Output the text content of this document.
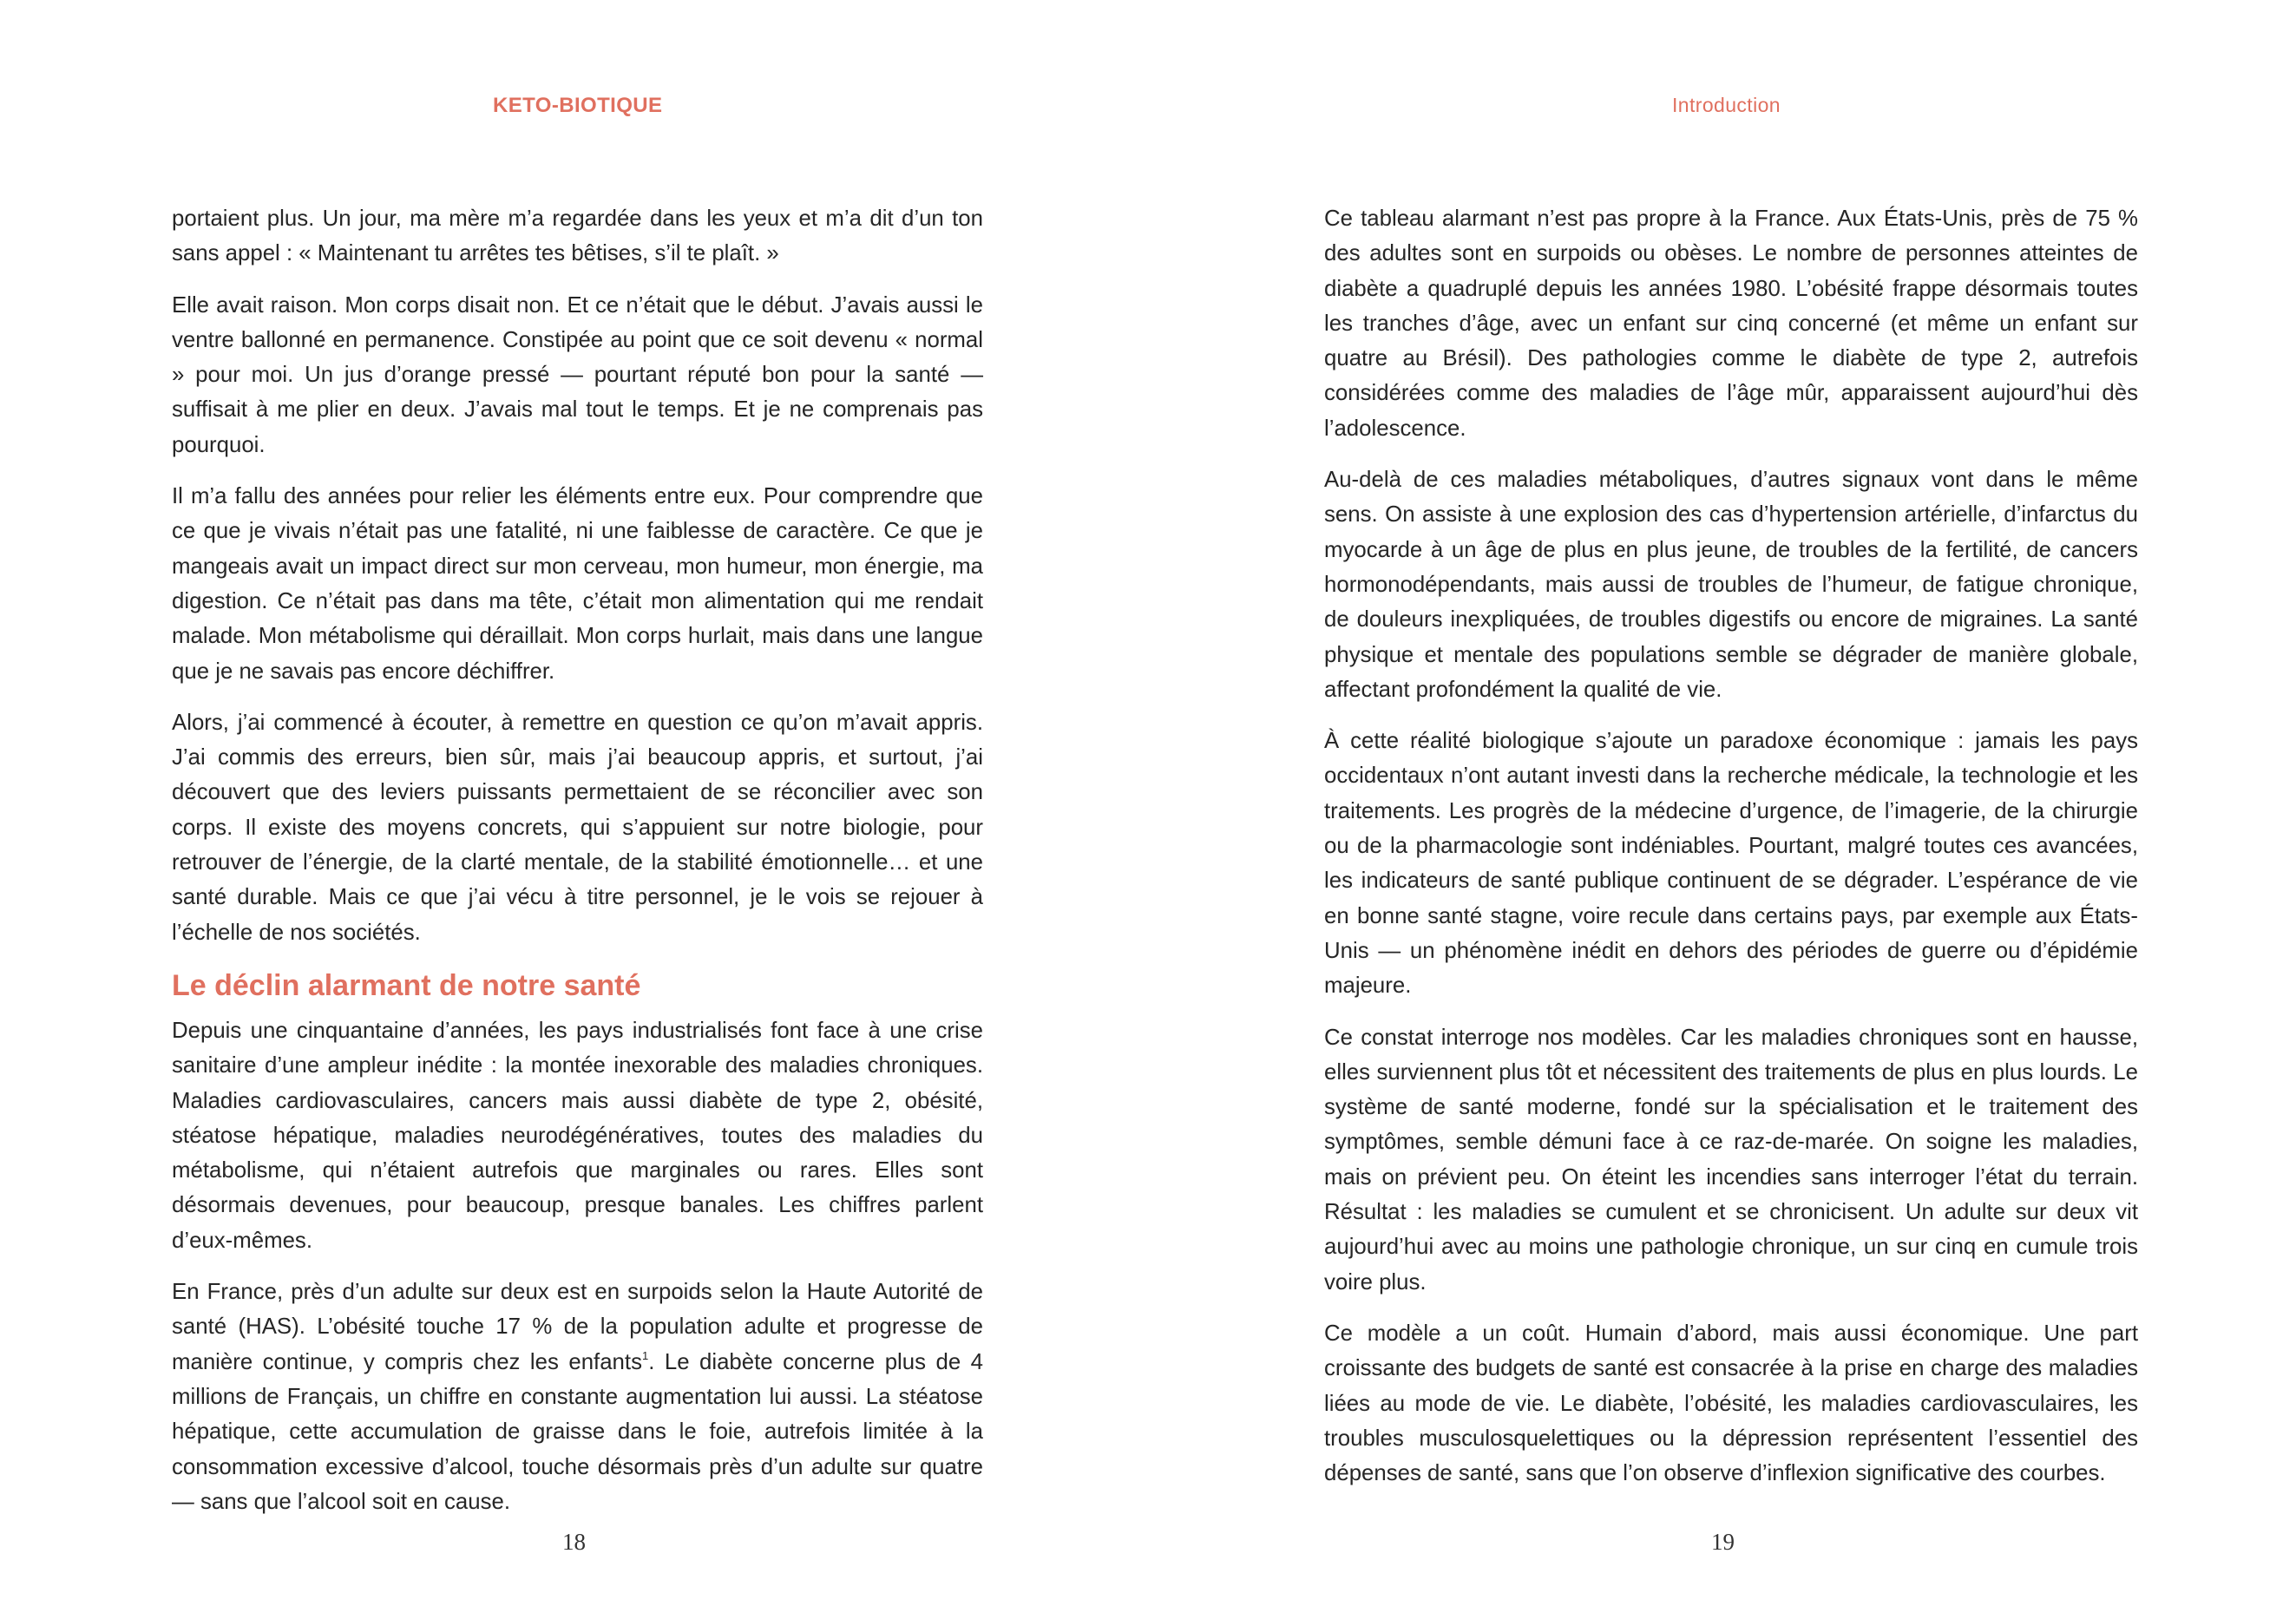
KETO-BIOTIQUE

portaient plus. Un jour, ma mère m’a regardée dans les yeux et m’a dit d’un ton sans appel : « Maintenant tu arrêtes tes bêtises, s’il te plaît. »

Elle avait raison. Mon corps disait non. Et ce n’était que le début. J’avais aussi le ventre ballonné en permanence. Constipée au point que ce soit devenu « normal » pour moi. Un jus d’orange pressé — pourtant réputé bon pour la santé — suffisait à me plier en deux. J’avais mal tout le temps. Et je ne comprenais pas pourquoi.

Il m’a fallu des années pour relier les éléments entre eux. Pour comprendre que ce que je vivais n’était pas une fatalité, ni une faiblesse de caractère. Ce que je mangeais avait un impact direct sur mon cerveau, mon humeur, mon énergie, ma digestion. Ce n’était pas dans ma tête, c’était mon alimentation qui me rendait malade. Mon métabolisme qui déraillait. Mon corps hurlait, mais dans une langue que je ne savais pas encore déchiffrer.

Alors, j’ai commencé à écouter, à remettre en question ce qu’on m’avait appris. J’ai commis des erreurs, bien sûr, mais j’ai beaucoup appris, et surtout, j’ai découvert que des leviers puissants permettaient de se réconcilier avec son corps. Il existe des moyens concrets, qui s’appuient sur notre biologie, pour retrouver de l’énergie, de la clarté mentale, de la stabilité émotionnelle… et une santé durable. Mais ce que j’ai vécu à titre personnel, je le vois se rejouer à l’échelle de nos sociétés.

Le déclin alarmant de notre santé

Depuis une cinquantaine d’années, les pays industrialisés font face à une crise sanitaire d’une ampleur inédite : la montée inexorable des maladies chroniques. Maladies cardiovasculaires, cancers mais aussi diabète de type 2, obésité, stéatose hépatique, maladies neurodégénératives, toutes des maladies du métabolisme, qui n’étaient autrefois que marginales ou rares. Elles sont désormais devenues, pour beaucoup, presque banales. Les chiffres parlent d’eux-mêmes.

En France, près d’un adulte sur deux est en surpoids selon la Haute Autorité de santé (HAS). L’obésité touche 17 % de la population adulte et progresse de manière continue, y compris chez les enfants$^1$. Le diabète concerne plus de 4 millions de Français, un chiffre en constante augmentation lui aussi. La stéatose hépatique, cette accumulation de graisse dans le foie, autrefois limitée à la consommation excessive d’alcool, touche désormais près d’un adulte sur quatre — sans que l’alcool soit en cause.

18
Introduction

Ce tableau alarmant n’est pas propre à la France. Aux États-Unis, près de 75 % des adultes sont en surpoids ou obèses. Le nombre de personnes atteintes de diabète a quadruplé depuis les années 1980. L’obésité frappe désormais toutes les tranches d’âge, avec un enfant sur cinq concerné (et même un enfant sur quatre au Brésil). Des pathologies comme le diabète de type 2, autrefois considérées comme des maladies de l’âge mûr, apparaissent aujourd’hui dès l’adolescence.

Au-delà de ces maladies métaboliques, d’autres signaux vont dans le même sens. On assiste à une explosion des cas d’hypertension artérielle, d’infarctus du myocarde à un âge de plus en plus jeune, de troubles de la fertilité, de cancers hormonodépendants, mais aussi de troubles de l’humeur, de fatigue chronique, de douleurs inexpliquées, de troubles digestifs ou encore de migraines. La santé physique et mentale des populations semble se dégrader de manière globale, affectant profondément la qualité de vie.

À cette réalité biologique s’ajoute un paradoxe économique : jamais les pays occidentaux n’ont autant investi dans la recherche médicale, la technologie et les traitements. Les progrès de la médecine d’urgence, de l’imagerie, de la chirurgie ou de la pharmacologie sont indéniables. Pourtant, malgré toutes ces avancées, les indicateurs de santé publique continuent de se dégrader. L’espérance de vie en bonne santé stagne, voire recule dans certains pays, par exemple aux États-Unis — un phénomène inédit en dehors des périodes de guerre ou d’épidémie majeure.

Ce constat interroge nos modèles. Car les maladies chroniques sont en hausse, elles surviennent plus tôt et nécessitent des traitements de plus en plus lourds. Le système de santé moderne, fondé sur la spécialisation et le traitement des symptômes, semble démuni face à ce raz-de-marée. On soigne les maladies, mais on prévient peu. On éteint les incendies sans interroger l’état du terrain. Résultat : les maladies se cumulent et se chronicisent. Un adulte sur deux vit aujourd’hui avec au moins une pathologie chronique, un sur cinq en cumule trois voire plus.

Ce modèle a un coût. Humain d’abord, mais aussi économique. Une part croissante des budgets de santé est consacrée à la prise en charge des maladies liées au mode de vie. Le diabète, l’obésité, les maladies cardiovasculaires, les troubles musculosquelettiques ou la dépression représentent l’essentiel des dépenses de santé, sans que l’on observe d’inflexion significative des courbes.

19
